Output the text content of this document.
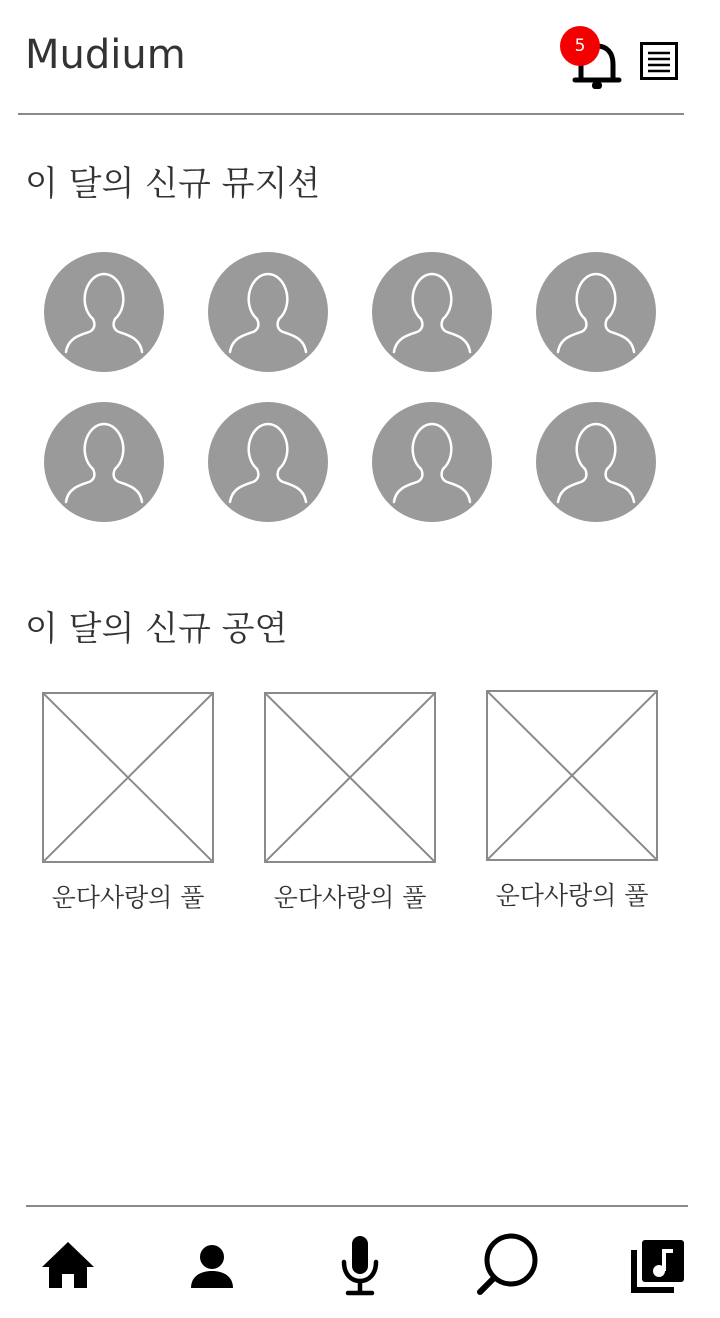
Mudium	5
이 달의 신규 뮤지션
이 달의 신규 공연
운다사랑의 풀	운다사랑의 풀	운다사랑의 풀
